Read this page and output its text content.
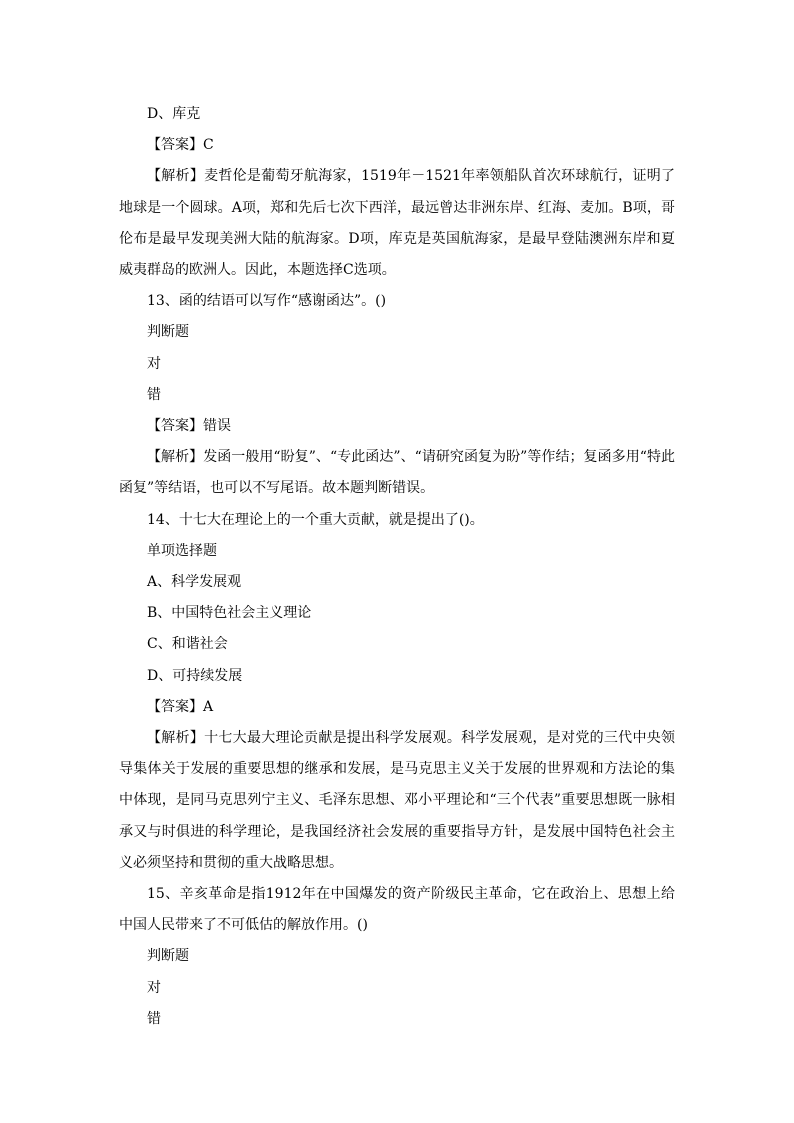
D、库克

【答案】C

【解析】麦哲伦是葡萄牙航海家，1519年－1521年率领船队首次环球航行，证明了地球是一个圆球。A项，郑和先后七次下西洋，最远曾达非洲东岸、红海、麦加。B项，哥伦布是最早发现美洲大陆的航海家。D项，库克是英国航海家，是最早登陆澳洲东岸和夏威夷群岛的欧洲人。因此，本题选择C选项。

13、函的结语可以写作“感谢函达”。()

判断题

对

错

【答案】错误

【解析】发函一般用“盼复”、“专此函达”、“请研究函复为盼”等作结；复函多用“特此函复”等结语，也可以不写尾语。故本题判断错误。

14、十七大在理论上的一个重大贡献，就是提出了()。

单项选择题

A、科学发展观

B、中国特色社会主义理论

C、和谐社会

D、可持续发展

【答案】A

【解析】十七大最大理论贡献是提出科学发展观。科学发展观，是对党的三代中央领导集体关于发展的重要思想的继承和发展，是马克思主义关于发展的世界观和方法论的集中体现，是同马克思列宁主义、毛泽东思想、邓小平理论和“三个代表”重要思想既一脉相承又与时俱进的科学理论，是我国经济社会发展的重要指导方针，是发展中国特色社会主义必须坚持和贯彻的重大战略思想。

15、辛亥革命是指1912年在中国爆发的资产阶级民主革命，它在政治上、思想上给中国人民带来了不可低估的解放作用。()

判断题

对

错
